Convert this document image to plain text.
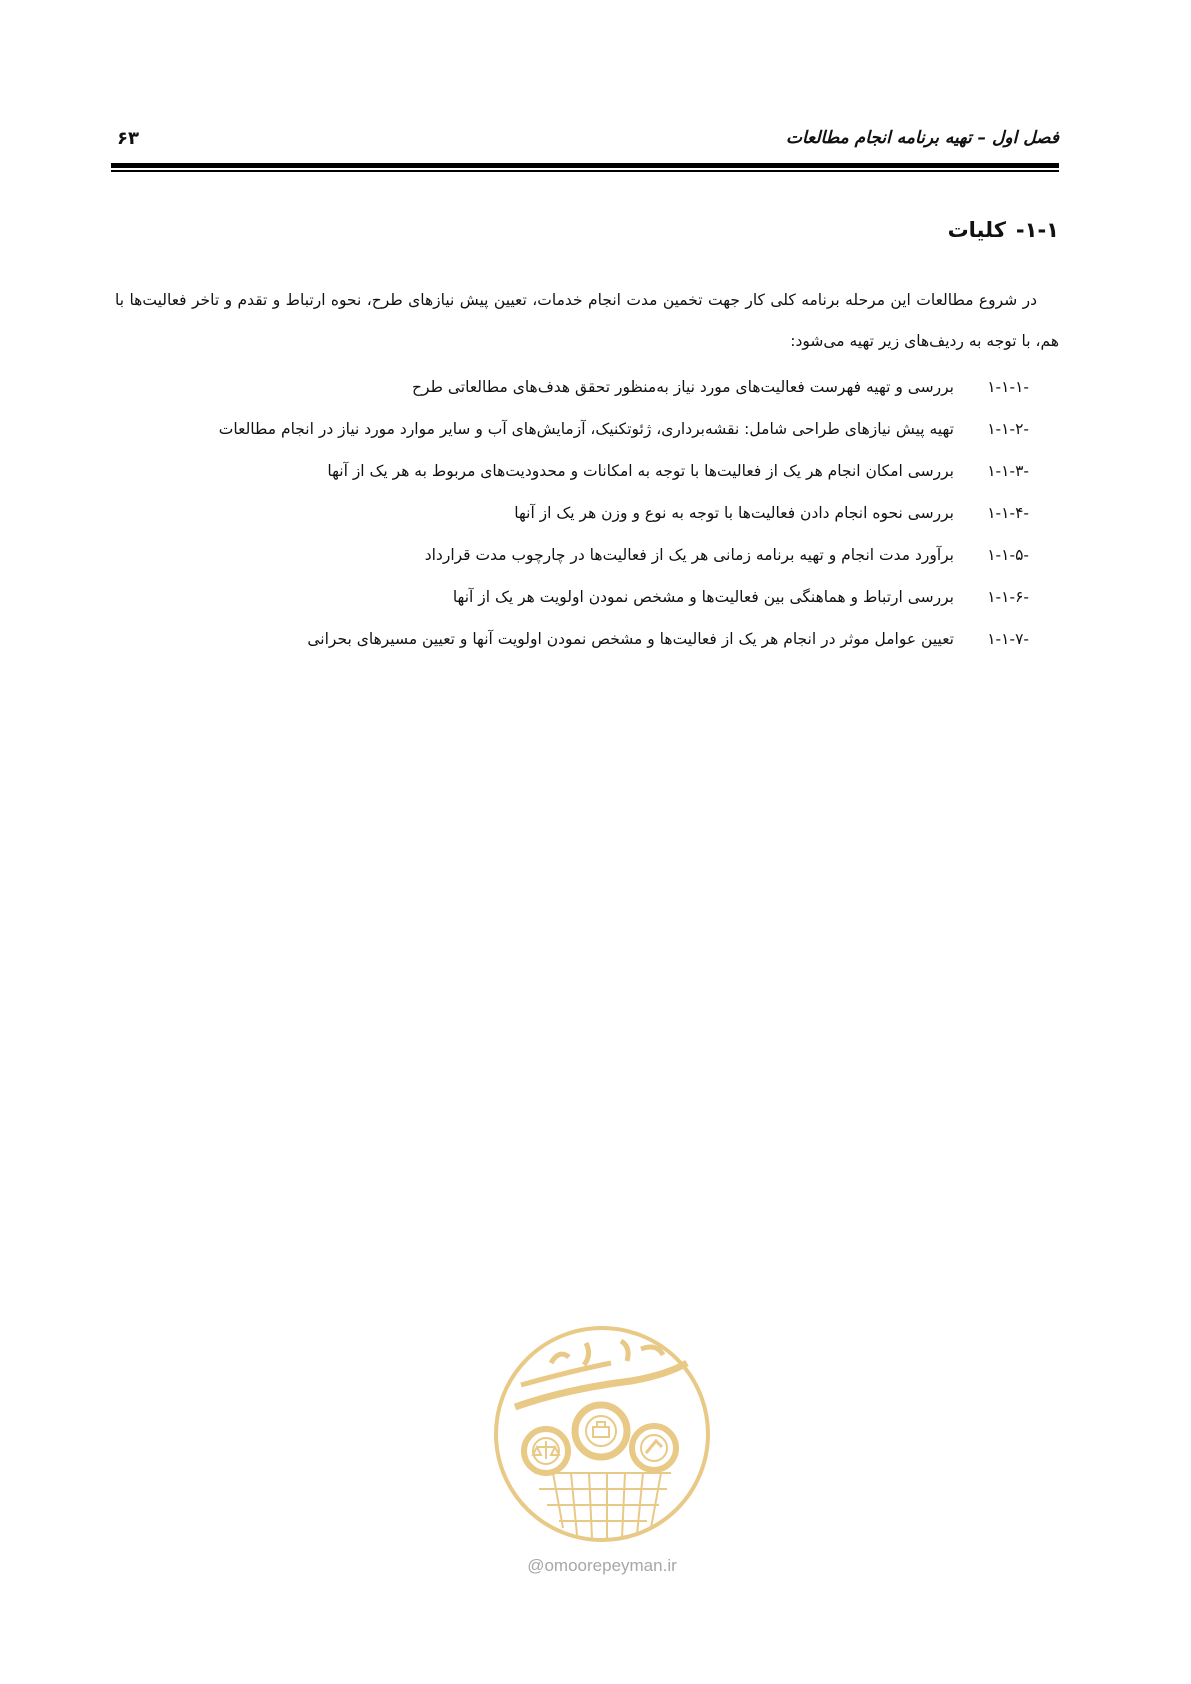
فصل اول – تهیه برنامه انجام مطالعات
۶۳
۱-۱-کلیات

در شروع مطالعات این مرحله برنامه کلی کار جهت تخمین مدت انجام خدمات، تعیین پیش نیازهای طرح، نحوه ارتباط و تقدم و تاخر فعالیت‌ها با هم، با توجه به ردیف‌های زیر تهیه می‌شود:

۱-۱-۱-
بررسی و تهیه فهرست فعالیت‌های مورد نیاز به‌منظور تحقق هدف‌های مطالعاتی طرح
۱-۱-۲-
تهیه پیش نیازهای طراحی شامل: نقشه‌برداری، ژئوتکنیک، آزمایش‌های آب و سایر موارد مورد نیاز در انجام مطالعات
۱-۱-۳-
بررسی امکان انجام هر یک از فعالیت‌ها با توجه به امکانات و محدودیت‌های مربوط به هر یک از آنها
۱-۱-۴-
بررسی نحوه انجام دادن فعالیت‌ها با توجه به نوع و وزن هر یک از آنها
۱-۱-۵-
برآورد مدت انجام و تهیه برنامه زمانی هر یک از فعالیت‌ها در چارچوب مدت قرارداد
۱-۱-۶-
بررسی ارتباط و هماهنگی بین فعالیت‌ها و مشخص نمودن اولویت هر یک از آنها
۱-۱-۷-
تعیین عوامل موثر در انجام هر یک از فعالیت‌ها و مشخص نمودن اولویت آنها و تعیین مسیرهای بحرانی
@omoorepeyman.ir
